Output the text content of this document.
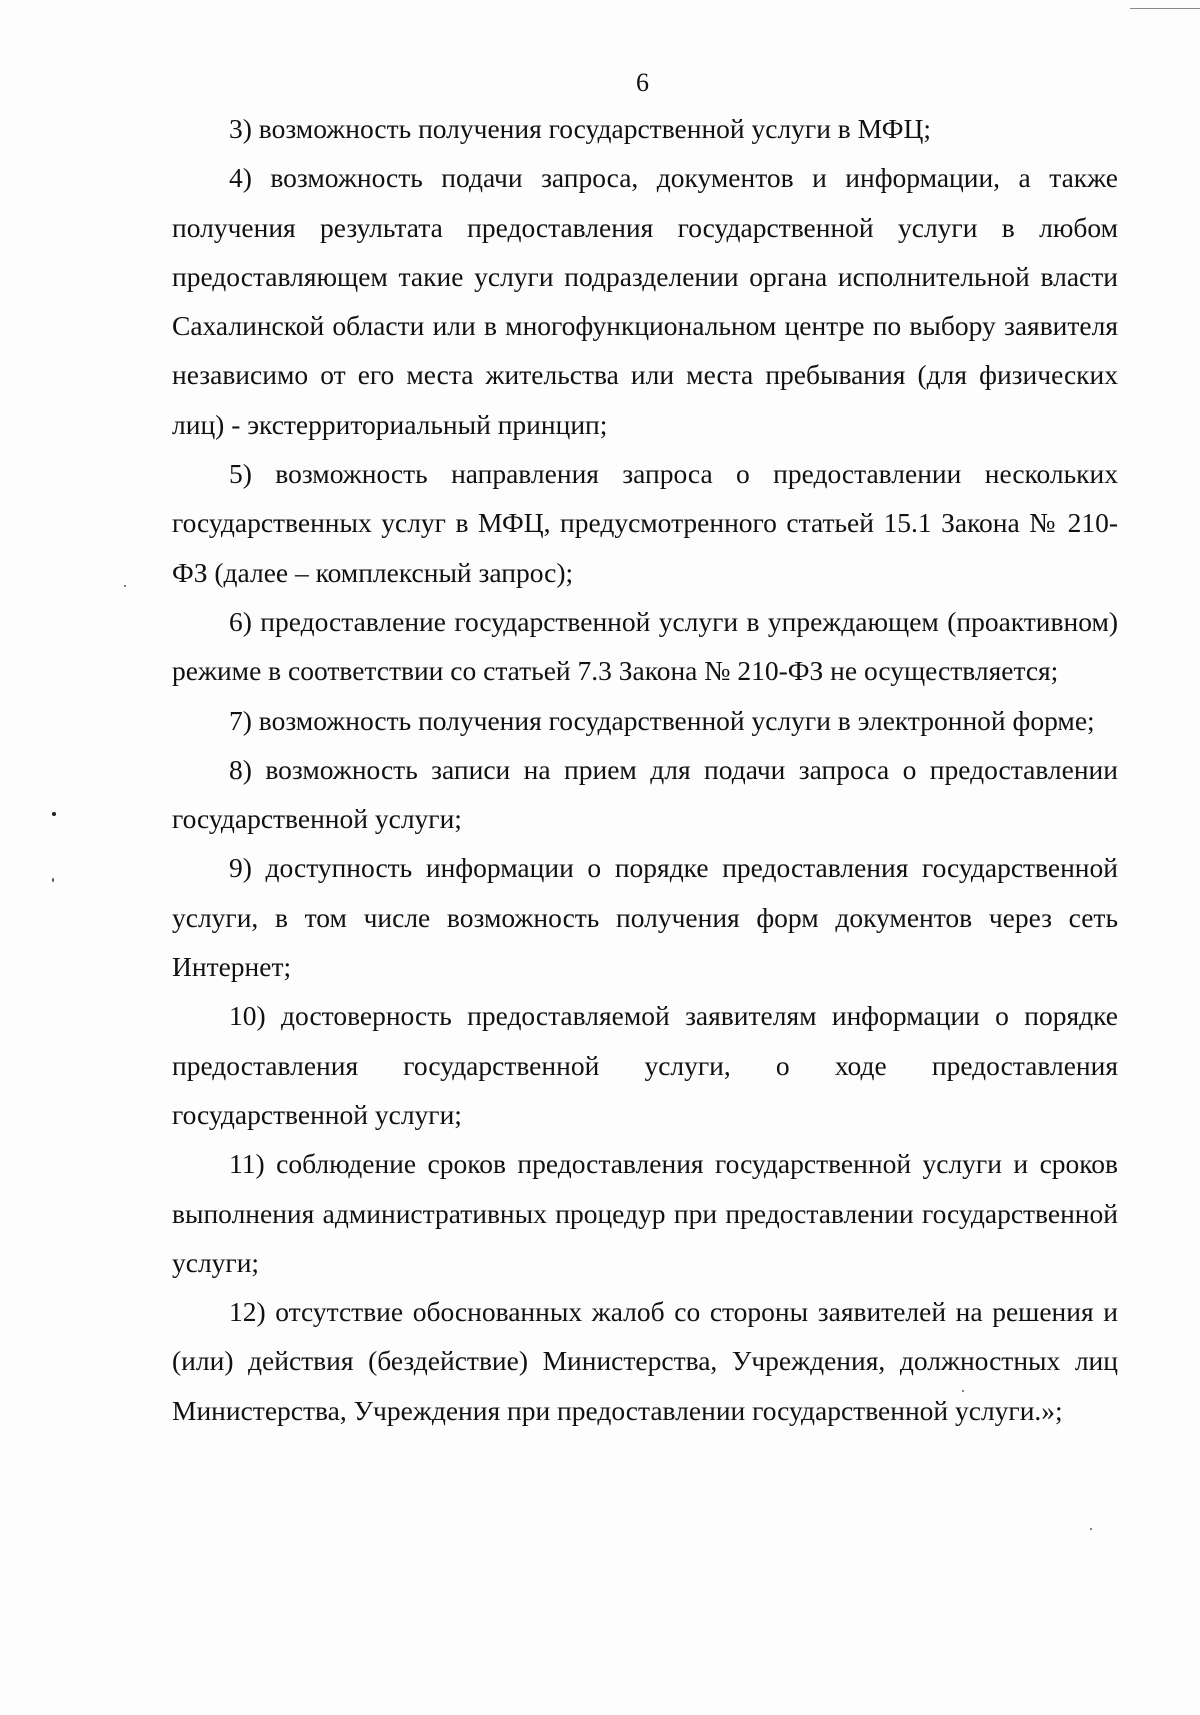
6

3) возможность получения государственной услуги в МФЦ;

4) возможность подачи запроса, документов и информации, а также получения результата предоставления государственной услуги в любом предоставляющем такие услуги подразделении органа исполнительной власти Сахалинской области или в многофункциональном центре по выбору заявителя независимо от его места жительства или места пребывания (для физических лиц) - экстерриториальный принцип;

5) возможность направления запроса о предоставлении нескольких государственных услуг в МФЦ, предусмотренного статьей 15.1 Закона № 210-ФЗ (далее – комплексный запрос);

6) предоставление государственной услуги в упреждающем (проактивном) режиме в соответствии со статьей 7.3 Закона № 210-ФЗ не осуществляется;

7) возможность получения государственной услуги в электронной форме;

8) возможность записи на прием для подачи запроса о предоставлении государственной услуги;

9) доступность информации о порядке предоставления государственной услуги, в том числе возможность получения форм документов через сеть Интернет;

10) достоверность предоставляемой заявителям информации о порядке предоставления государственной услуги, о ходе предоставления государственной услуги;

11) соблюдение сроков предоставления государственной услуги и сроков выполнения административных процедур при предоставлении государственной услуги;

12) отсутствие обоснованных жалоб со стороны заявителей на решения и (или) действия (бездействие) Министерства, Учреждения, должностных лиц Министерства, Учреждения при предоставлении государственной услуги.»;
